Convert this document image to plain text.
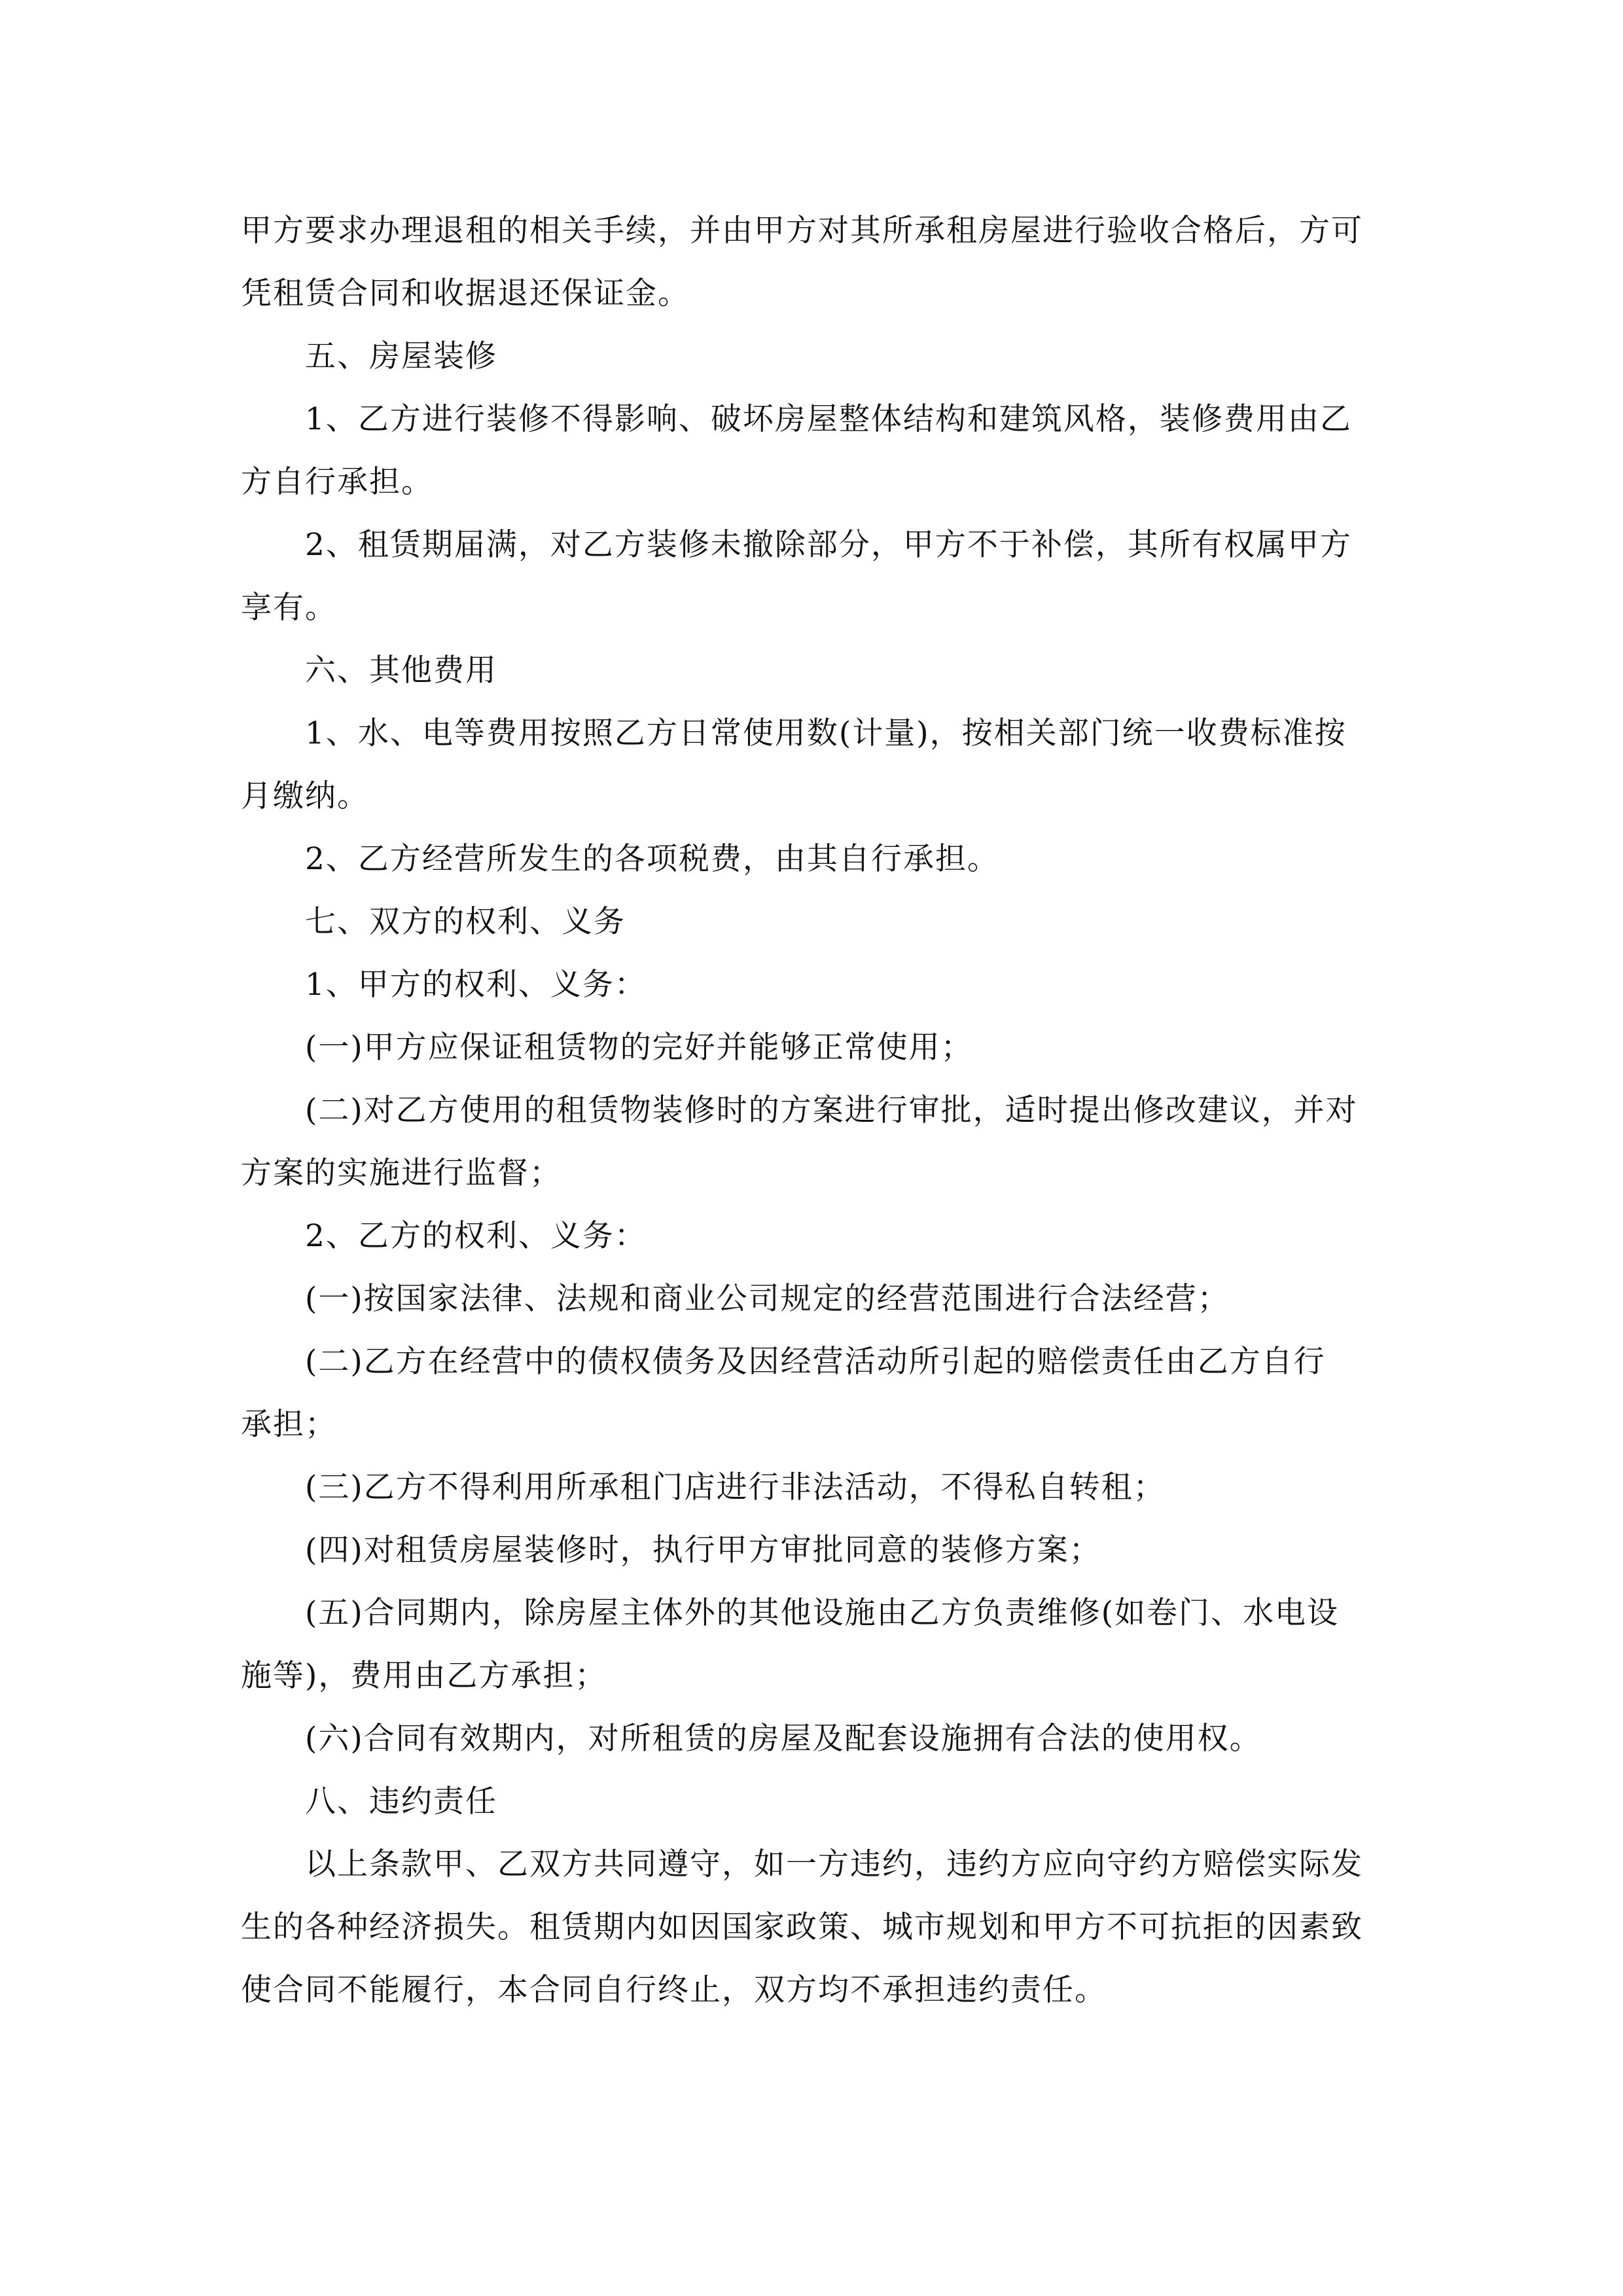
甲方要求办理退租的相关手续，并由甲方对其所承租房屋进行验收合格后，方可
凭租赁合同和收据退还保证金。
五、房屋装修
1、乙方进行装修不得影响、破坏房屋整体结构和建筑风格，装修费用由乙
方自行承担。
2、租赁期届满，对乙方装修未撤除部分，甲方不于补偿，其所有权属甲方
享有。
六、其他费用
1、水、电等费用按照乙方日常使用数(计量)，按相关部门统一收费标准按
月缴纳。
2、乙方经营所发生的各项税费，由其自行承担。
七、双方的权利、义务
1、甲方的权利、义务：
(一)甲方应保证租赁物的完好并能够正常使用；
(二)对乙方使用的租赁物装修时的方案进行审批，适时提出修改建议，并对
方案的实施进行监督；
2、乙方的权利、义务：
(一)按国家法律、法规和商业公司规定的经营范围进行合法经营；
(二)乙方在经营中的债权债务及因经营活动所引起的赔偿责任由乙方自行
承担；
(三)乙方不得利用所承租门店进行非法活动，不得私自转租；
(四)对租赁房屋装修时，执行甲方审批同意的装修方案；
(五)合同期内，除房屋主体外的其他设施由乙方负责维修(如卷门、水电设
施等)，费用由乙方承担；
(六)合同有效期内，对所租赁的房屋及配套设施拥有合法的使用权。
八、违约责任
以上条款甲、乙双方共同遵守，如一方违约，违约方应向守约方赔偿实际发
生的各种经济损失。租赁期内如因国家政策、城市规划和甲方不可抗拒的因素致
使合同不能履行，本合同自行终止，双方均不承担违约责任。
